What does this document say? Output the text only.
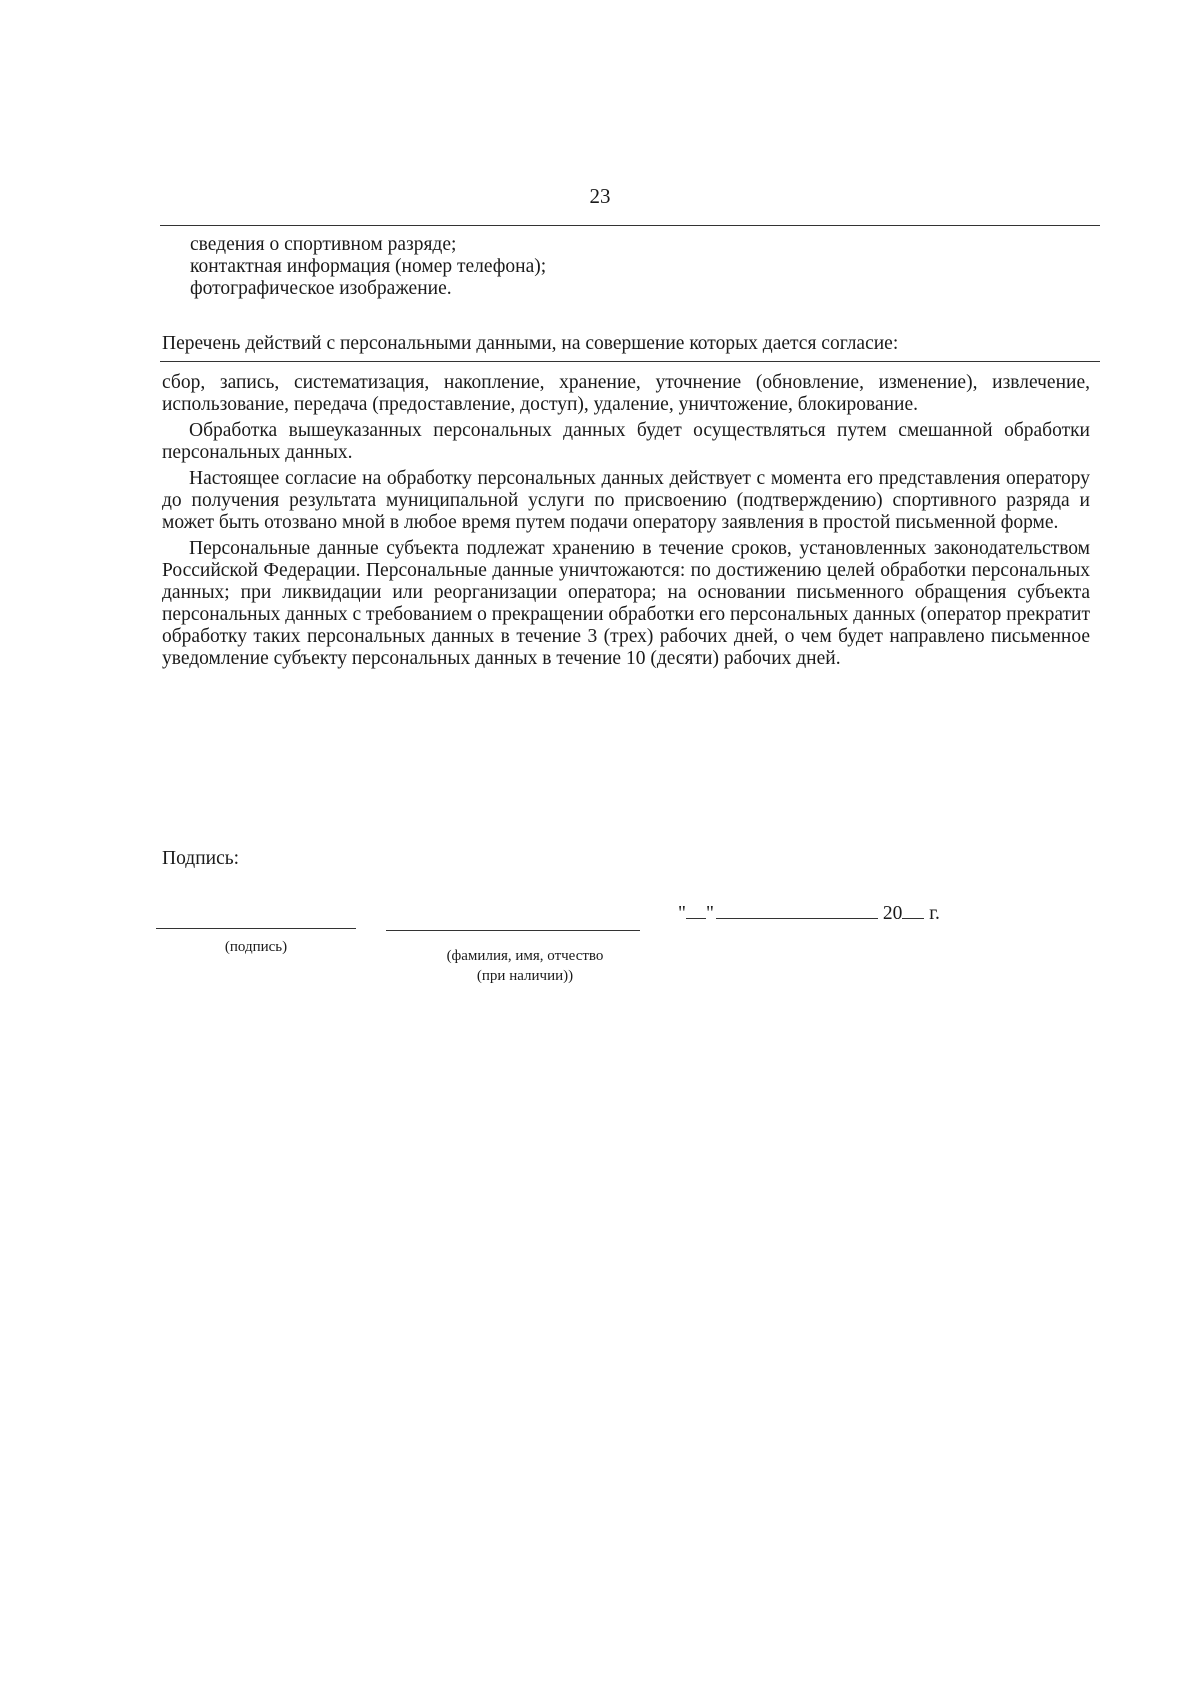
23
сведения о спортивном разряде;
контактная информация (номер телефона);
фотографическое изображение.
Перечень действий с персональными данными, на совершение которых дается согласие:

сбор, запись, систематизация, накопление, хранение, уточнение (обновление, изменение), извлечение, использование, передача (предоставление, доступ), удаление, уничтожение, блокирование.

Обработка вышеуказанных персональных данных будет осуществляться путем смешанной обработки персональных данных.

Настоящее согласие на обработку персональных данных действует с момента его представления оператору до получения результата муниципальной услуги по присвоению (подтверждению) спортивного разряда и может быть отозвано мной в любое время путем подачи оператору заявления в простой письменной форме.

Персональные данные субъекта подлежат хранению в течение сроков, установленных законодательством Российской Федерации. Персональные данные уничтожаются: по достижению целей обработки персональных данных; при ликвидации или реорганизации оператора; на основании письменного обращения субъекта персональных данных с требованием о прекращении обработки его персональных данных (оператор прекратит обработку таких персональных данных в течение 3 (трех) рабочих дней, о чем будет направлено письменное уведомление субъекту персональных данных в течение 10 (десяти) рабочих дней.

Подпись:
" "	20 г.
(подпись)
(фамилия, имя, отчество
(при наличии))
